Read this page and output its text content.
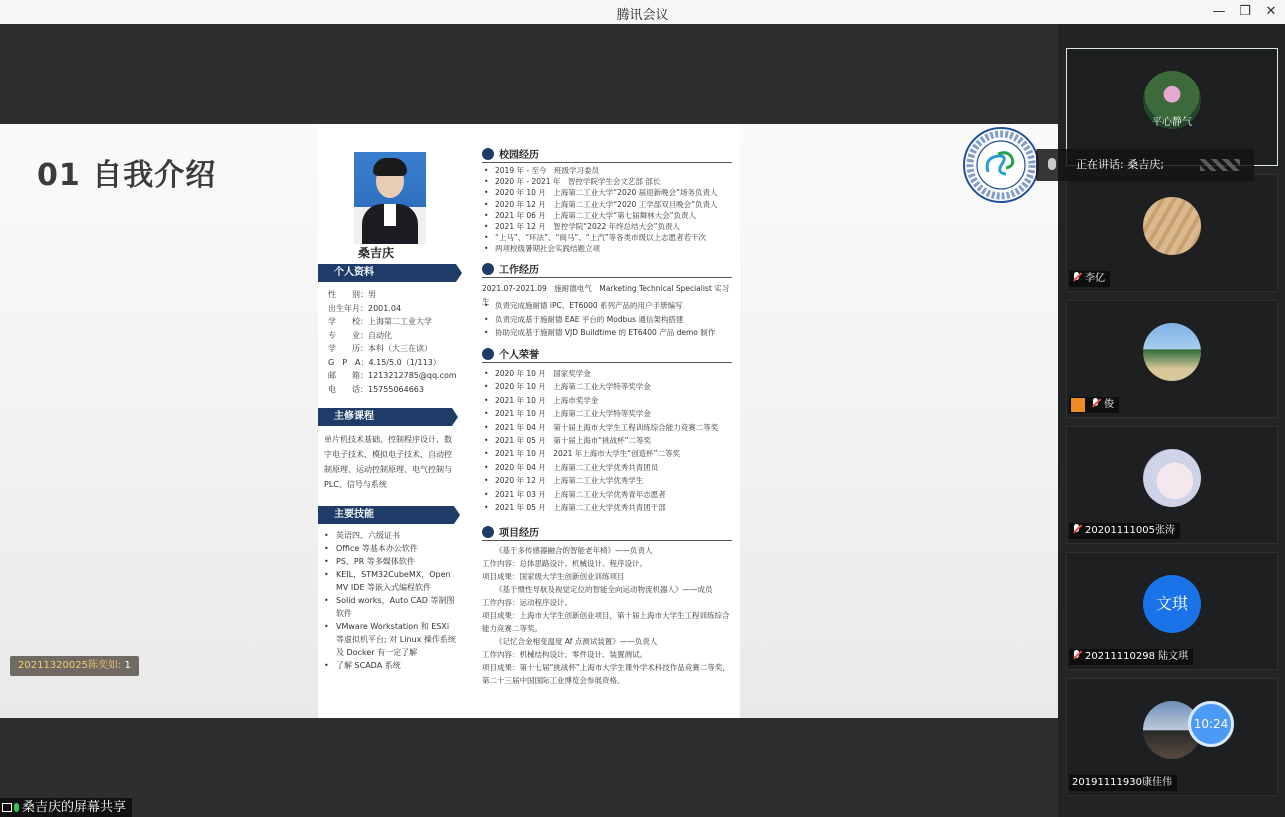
腾讯会议	— ❐ ✕
01 自我介绍
桑吉庆
个人资料
性　　别：男
出生年月：2001.04
学　　校：上海第二工业大学
专　　业：自动化
学　　历：本科（大三在读）
G　P　A：4.15/5.0（1/113）
邮　　箱：1213212785@qq.com
电　　话：15755064663
主修课程
单片机技术基础、控制程序设计、数字电子技术、模拟电子技术、自动控制原理、运动控制原理、电气控制与PLC、信号与系统
主要技能
• 英语四、六级证书
• Office 等基本办公软件
• PS、PR 等多媒体软件
• KEIL，STM32CubeMX，Open MV IDE 等嵌入式编程软件
• Solid works，Auto CAD 等制图软件
• VMware Workstation 和 ESXi 等虚拟机平台; 对 Linux 操作系统及 Docker 有一定了解
• 了解 SCADA 系统
校园经历
• 2019 年 - 至今　班级学习委员
• 2020 年 - 2021 年　智控学院学生会文艺部 部长
• 2020 年 10 月　上海第二工业大学“2020 届迎新晚会”场务负责人
• 2020 年 12 月　上海第二工业大学“2020 工学部双旦晚会”负责人
• 2021 年 06 月　上海第二工业大学“第七届舞林大会”负责人
• 2021 年 12 月　智控学院“2022 年终总结大会”负责人
• “上马”、“环法”、“阅马”、“上汽”等各类市级以上志愿者若干次
• 两项校级暑期社会实践结题立项
工作经历
2021.07-2021.09　施耐德电气　Marketing Technical Specialist 实习生
• 负责完成施耐德 iPC、ET6000 系列产品的用户手册编写
• 负责完成基于施耐德 EAE 平台的 Modbus 通信架构搭建
• 协助完成基于施耐德 VJD Buildtime 的 ET6400 产品 demo 制作
个人荣誉
• 2020 年 10 月　国家奖学金
• 2020 年 10 月　上海第二工业大学特等奖学金
• 2021 年 10 月　上海市奖学金
• 2021 年 10 月　上海第二工业大学特等奖学金
• 2021 年 04 月　第十届上海市大学生工程训练综合能力竞赛二等奖
• 2021 年 05 月　第十届上海市“挑战杯”二等奖
• 2021 年 10 月　2021 年上海市大学生“创造杯”二等奖
• 2020 年 04 月　上海第二工业大学优秀共青团员
• 2020 年 12 月　上海第二工业大学优秀学生
• 2021 年 03 月　上海第二工业大学优秀青年志愿者
• 2021 年 05 月　上海第二工业大学优秀共青团干部
项目经历
《基于多传感器融合的智能老年椅》——负责人
工作内容：总体思路设计、机械设计、程序设计。
项目成果：国家级大学生创新创业训练项目
《基于惯性导航及视觉定位的智能全向运动物流机器人》——成员
工作内容：运动程序设计。
项目成果：上海市大学生创新创业项目，第十届上海市大学生工程训练综合能力竞赛二等奖。
《记忆合金相变温度 Af 点测试装置》——负责人
工作内容：机械结构设计、零件设计、装置测试。
项目成果：第十七届“挑战杯”上海市大学生课外学术科技作品竞赛二等奖，第二十三届中国国际工业博览会参展资格。
20211320025陈奕如: 1
桑吉庆的屏幕共享
平心静气
李亿
俊
20201111005张涛
文琪
20211110298 陆文琪
20191111930康佳伟
正在讲话: 桑吉庆;
10:24
